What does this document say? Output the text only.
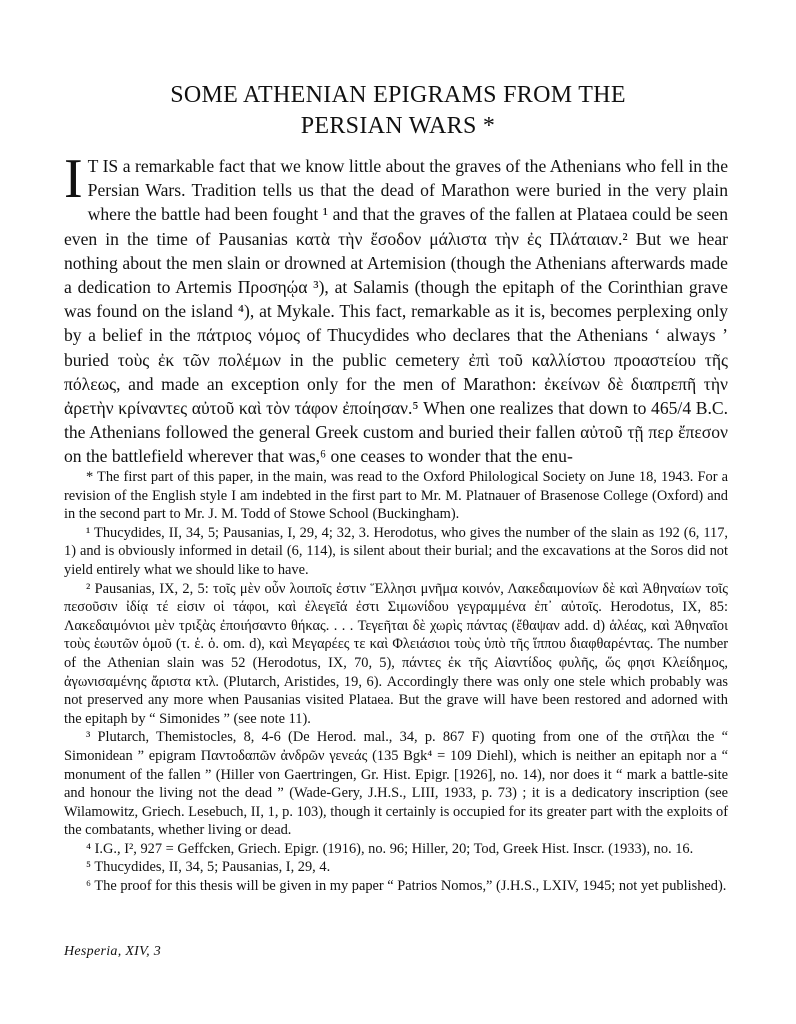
SOME ATHENIAN EPIGRAMS FROM THE
PERSIAN WARS *
I T IS a remarkable fact that we know little about the graves of the Athenians who fell in the Persian Wars. Tradition tells us that the dead of Marathon were buried in the very plain where the battle had been fought ¹ and that the graves of the fallen at Plataea could be seen even in the time of Pausanias κατὰ τὴν ἔσοδον μάλιστα τὴν ἐς Πλάταιαν.² But we hear nothing about the men slain or drowned at Artemision (though the Athenians afterwards made a dedication to Artemis Προσηῴα ³), at Salamis (though the epitaph of the Corinthian grave was found on the island ⁴), at Mykale. This fact, remarkable as it is, becomes perplexing only by a belief in the πάτριος νόμος of Thucydides who declares that the Athenians ‘ always ’ buried τοὺς ἐκ τῶν πολέμων in the public cemetery ἐπὶ τοῦ καλλίστου προαστείου τῆς πόλεως, and made an exception only for the men of Marathon: ἐκείνων δὲ διαπρεπῆ τὴν ἀρετὴν κρίναντες αὐτοῦ καὶ τὸν τάφον ἐποίησαν.⁵ When one realizes that down to 465/4 B.C. the Athenians followed the general Greek custom and buried their fallen αὐτοῦ τῇ περ ἔπεσον on the battlefield wherever that was,⁶ one ceases to wonder that the enu-

* The first part of this paper, in the main, was read to the Oxford Philological Society on June 18, 1943. For a revision of the English style I am indebted in the first part to Mr. M. Platnauer of Brasenose College (Oxford) and in the second part to Mr. J. M. Todd of Stowe School (Buckingham).

¹ Thucydides, II, 34, 5; Pausanias, I, 29, 4; 32, 3. Herodotus, who gives the number of the slain as 192 (6, 117, 1) and is obviously informed in detail (6, 114), is silent about their burial; and the excavations at the Soros did not yield entirely what we should like to have.

² Pausanias, IX, 2, 5: τοῖς μὲν οὖν λοιποῖς ἐστιν Ἕλλησι μνῆμα κοινόν, Λακεδαιμονίων δὲ καὶ Ἀθηναίων τοῖς πεσοῦσιν ἰδίᾳ τέ εἰσιν οἱ τάφοι, καὶ ἐλεγεῖά ἐστι Σιμωνίδου γεγραμμένα ἐπ᾽ αὐτοῖς. Herodotus, IX, 85: Λακεδαιμόνιοι μὲν τριξὰς ἐποιήσαντο θήκας. . . . Τεγεῆται δὲ χωρὶς πάντας (ἔθαψαν add. d) ἁλέας, καὶ Ἀθηναῖοι τοὺς ἑωυτῶν ὁμοῦ (τ. ἑ. ὁ. om. d), καὶ Μεγαρέες τε καὶ Φλειάσιοι τοὺς ὑπὸ τῆς ἵππου διαφθαρέντας. The number of the Athenian slain was 52 (Herodotus, IX, 70, 5), πάντες ἐκ τῆς Αἰαντίδος φυλῆς, ὥς φησι Κλείδημος, ἀγωνισαμένης ἄριστα κτλ. (Plutarch, Aristides, 19, 6). Accordingly there was only one stele which probably was not preserved any more when Pausanias visited Plataea. But the grave will have been restored and adorned with the epitaph by “ Simonides ” (see note 11).

³ Plutarch, Themistocles, 8, 4-6 (De Herod. mal., 34, p. 867 F) quoting from one of the στῆλαι the “ Simonidean ” epigram Παντοδαπῶν ἀνδρῶν γενεάς (135 Bgk⁴ = 109 Diehl), which is neither an epitaph nor a “ monument of the fallen ” (Hiller von Gaertringen, Gr. Hist. Epigr. [1926], no. 14), nor does it “ mark a battle-site and honour the living not the dead ” (Wade-Gery, J.H.S., LIII, 1933, p. 73) ; it is a dedicatory inscription (see Wilamowitz, Griech. Lesebuch, II, 1, p. 103), though it certainly is occupied for its greater part with the exploits of the combatants, whether living or dead.

⁴ I.G., I², 927 = Geffcken, Griech. Epigr. (1916), no. 96; Hiller, 20; Tod, Greek Hist. Inscr. (1933), no. 16.

⁵ Thucydides, II, 34, 5; Pausanias, I, 29, 4.

⁶ The proof for this thesis will be given in my paper “ Patrios Nomos,” (J.H.S., LXIV, 1945; not yet published).

Hesperia, XIV, 3
